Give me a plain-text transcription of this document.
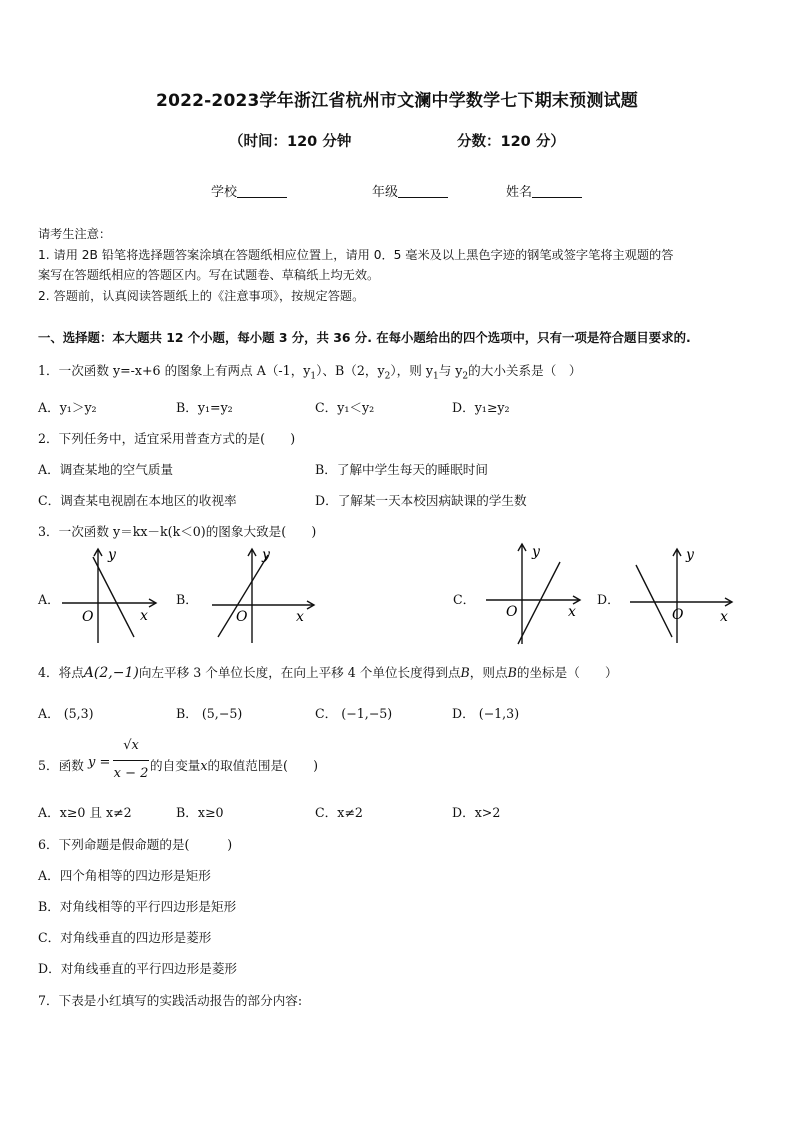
2022-2023学年浙江省杭州市文澜中学数学七下期末预测试题
（时间：120 分钟	分数：120 分）
学校	年级	姓名
请考生注意：
1. 请用 2B 铅笔将选择题答案涂填在答题纸相应位置上，请用 0．5 毫米及以上黑色字迹的钢笔或签字笔将主观题的答
案写在答题纸相应的答题区内。写在试题卷、草稿纸上均无效。
2. 答题前，认真阅读答题纸上的《注意事项》，按规定答题。
一、选择题：本大题共 12 个小题，每小题 3 分，共 36 分. 在每小题给出的四个选项中，只有一项是符合题目要求的.
1．一次函数 y=-x+6 的图象上有两点 A（-1，$y_1$）、B（2，$y_2$），则 $y_1$与 $y_2$的大小关系是（　）
A．y₁＞y₂	B．y₁=y₂	C．y₁＜y₂	D．y₁≥y₂
2．下列任务中，适宜采用普查方式的是(　　)
A．调查某地的空气质量	B．了解中学生每天的睡眠时间
C．调查某电视剧在本地区的收视率	D．了解某一天本校因病缺课的学生数
3．一次函数 y＝kx－k(k＜0)的图象大致是(　　)
A．	B．	C．	D．
y
x
O
y
x
O
y
x
O
y
x
O
4．将点A(2,−1)向左平移 3 个单位长度，在向上平移 4 个单位长度得到点B，则点B的坐标是（　　）
A． (5,3)	B． (5,−5)	C． (−1,−5)	D． (−1,3)
5．函数 y =
√x
x − 2
的自变量x的取值范围是(　　)
A．x≥0 且 x≠2	B．x≥0	C．x≠2	D．x>2
6．下列命题是假命题的是(　　　)
A．四个角相等的四边形是矩形
B．对角线相等的平行四边形是矩形
C．对角线垂直的四边形是菱形
D．对角线垂直的平行四边形是菱形
7．下表是小红填写的实践活动报告的部分内容:
